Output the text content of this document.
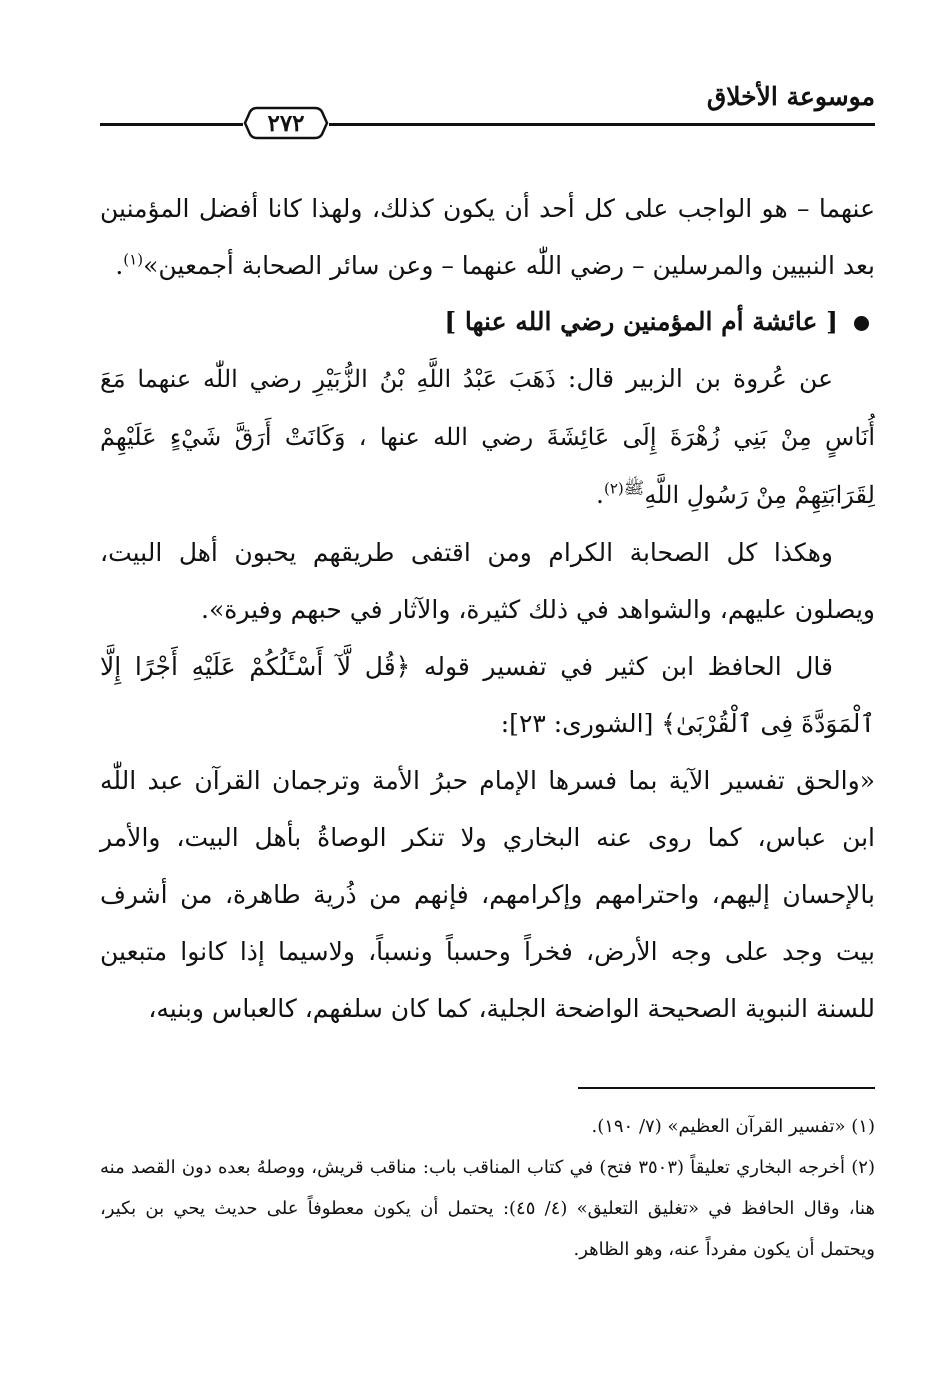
موسوعة الأخلاق
٢٧٢

عنهما – هو الواجب على كل أحد أن يكون كذلك، ولهذا كانا أفضل المؤمنين بعد النبيين والمرسلين – رضي اللّٰه عنهما – وعن سائر الصحابة أجمعين»$^{(١)}$.

[ عائشة أم المؤمنين رضي الله عنها ]

عن عُروة بن الزبير قال: ذَهَبَ عَبْدُ اللَّهِ بْنُ الزُّبَيْرِ رضي اللّٰه عنهما مَعَ أُنَاسٍ مِنْ بَنِي زُهْرَةَ إِلَى عَائِشَةَ رضي الله عنها ، وَكَانَتْ أَرَقَّ شَيْءٍ عَلَيْهِمْ لِقَرَابَتِهِمْ مِنْ رَسُولِ اللَّهِ$^{ﷺ(٢)}$.

وهكذا كل الصحابة الكرام ومن اقتفى طريقهم يحبون أهل البيت، ويصلون عليهم، والشواهد في ذلك كثيرة، والآثار في حبهم وفيرة».

قال الحافظ ابن كثير في تفسير قوله ﴿قُل لَّآ أَسْـَٔلُكُمْ عَلَيْهِ أَجْرًا إِلَّا ٱلْمَوَدَّةَ فِى ٱلْقُرْبَىٰ﴾ [الشورى: ٢٣]:

«والحق تفسير الآية بما فسرها الإمام حبرُ الأمة وترجمان القرآن عبد اللّٰه ابن عباس، كما روى عنه البخاري ولا تنكر الوصاةُ بأهل البيت، والأمر بالإحسان إليهم، واحترامهم وإكرامهم، فإنهم من ذُرية طاهرة، من أشرف بيت وجد على وجه الأرض، فخراً وحسباً ونسباً، ولاسيما إذا كانوا متبعين للسنة النبوية الصحيحة الواضحة الجلية، كما كان سلفهم، كالعباس وبنيه،

(١) «تفسير القرآن العظيم» (٧/ ١٩٠).

(٢) أخرجه البخاري تعليقاً (٣٥٠٣ فتح) في كتاب المناقب باب: مناقب قريش، ووصلهُ بعده دون القصد منه هنا، وقال الحافظ في «تغليق التعليق» (٤/ ٤٥): يحتمل أن يكون معطوفاً على حديث يحي بن بكير، ويحتمل أن يكون مفرداً عنه، وهو الظاهر.
